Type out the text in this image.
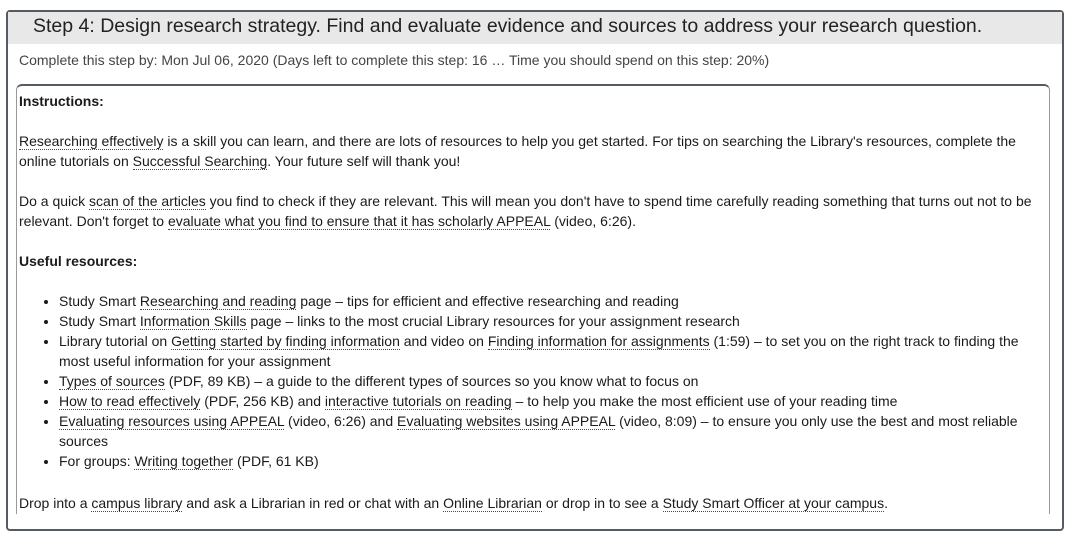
Step 4: Design research strategy. Find and evaluate evidence and sources to address your research question.
Complete this step by: Mon Jul 06, 2020 (Days left to complete this step: 16 … Time you should spend on this step: 20%)

Instructions:

Researching effectively is a skill you can learn, and there are lots of resources to help you get started. For tips on searching the Library's resources, complete the online tutorials on Successful Searching. Your future self will thank you!

Do a quick scan of the articles you find to check if they are relevant. This will mean you don't have to spend time carefully reading something that turns out not to be relevant. Don't forget to evaluate what you find to ensure that it has scholarly APPEAL (video, 6:26).

Useful resources:

• Study Smart Researching and reading page – tips for efficient and effective researching and reading
• Study Smart Information Skills page – links to the most crucial Library resources for your assignment research
• Library tutorial on Getting started by finding information and video on Finding information for assignments (1:59) – to set you on the right track to finding the most useful information for your assignment
• Types of sources (PDF, 89 KB) – a guide to the different types of sources so you know what to focus on
• How to read effectively (PDF, 256 KB) and interactive tutorials on reading – to help you make the most efficient use of your reading time
• Evaluating resources using APPEAL (video, 6:26) and Evaluating websites using APPEAL (video, 8:09) – to ensure you only use the best and most reliable sources
• For groups: Writing together (PDF, 61 KB)

Drop into a campus library and ask a Librarian in red or chat with an Online Librarian or drop in to see a Study Smart Officer at your campus.
